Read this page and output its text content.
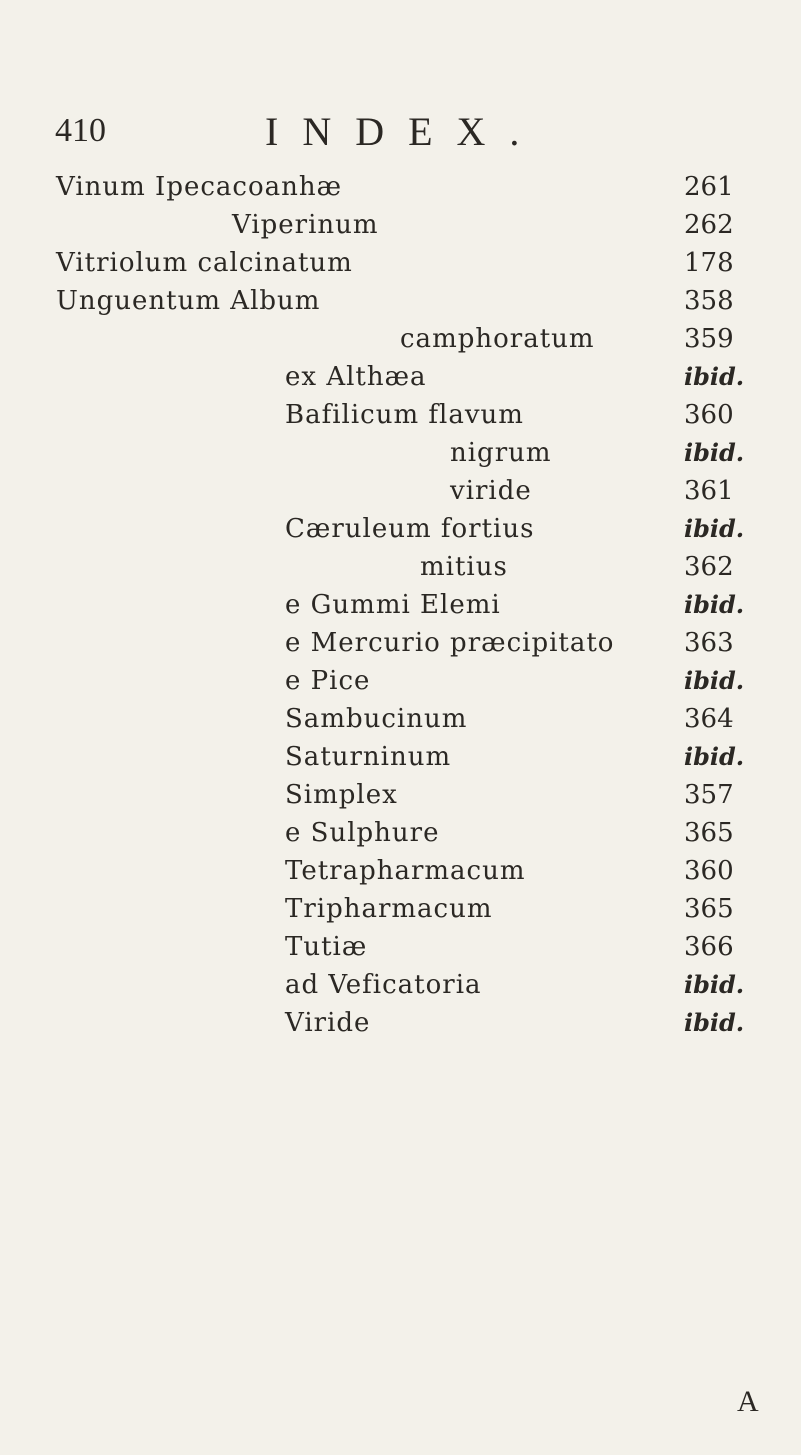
410	INDEX.
Vinum Ipecacoanhæ	261
Viperinum	262
Vitriolum calcinatum	178
Unguentum Album	358
camphoratum	359
ex Althæa	ibid.
Bafilicum flavum	360
nigrum	ibid.
viride	361
Cæruleum fortius	ibid.
mitius	362
e Gummi Elemi	ibid.
e Mercurio præcipitato	363
e Pice	ibid.
Sambucinum	364
Saturninum	ibid.
Simplex	357
e Sulphure	365
Tetrapharmacum	360
Tripharmacum	365
Tutiæ	366
ad Veficatoria	ibid.
Viride	ibid.
A
